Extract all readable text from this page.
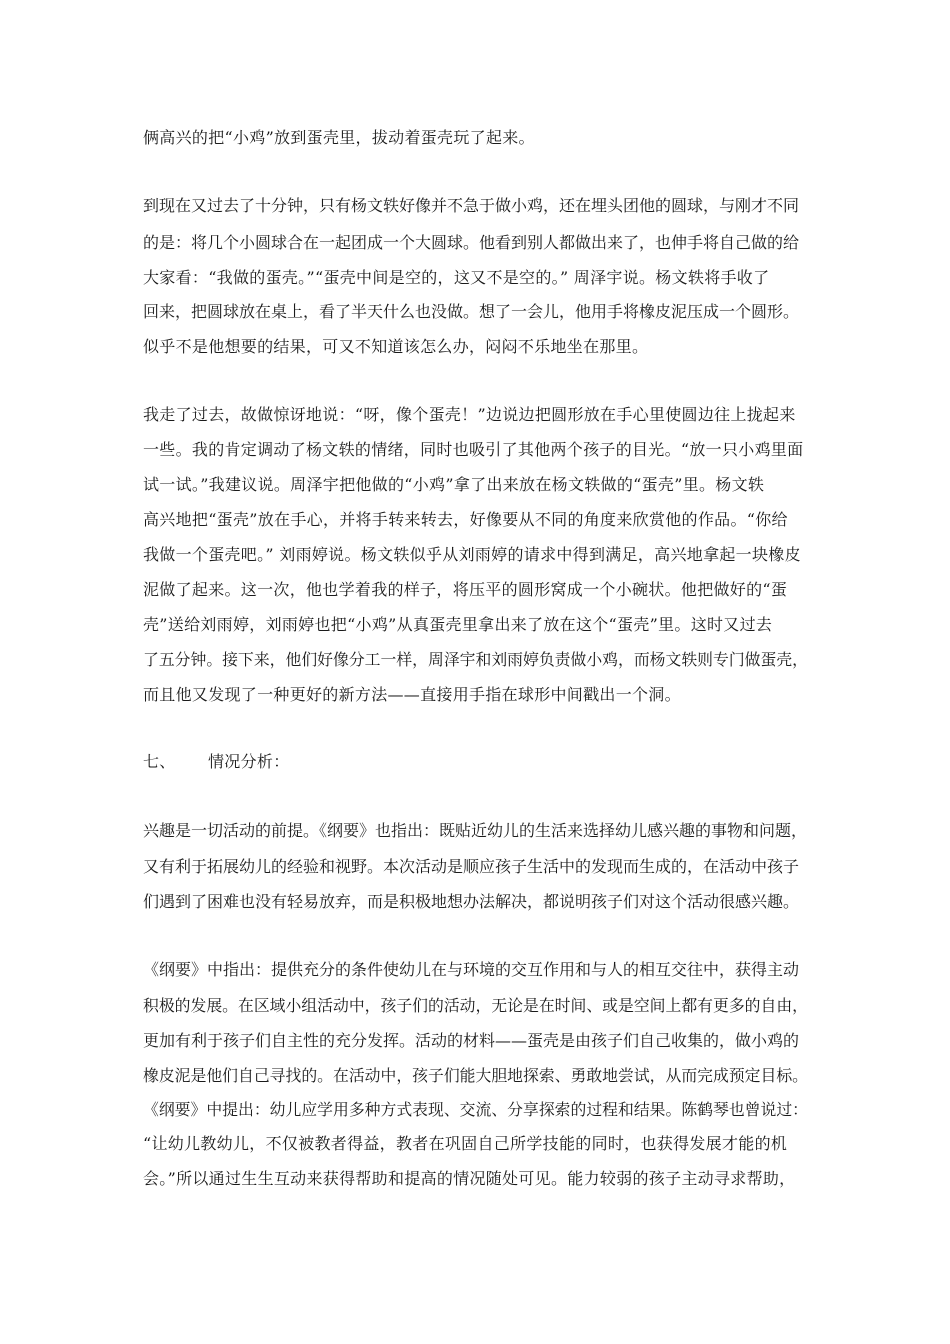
俩高兴的把“小鸡”放到蛋壳里，拔动着蛋壳玩了起来。
到现在又过去了十分钟，只有杨文轶好像并不急于做小鸡，还在埋头团他的圆球，与刚才不同
的是：将几个小圆球合在一起团成一个大圆球。他看到别人都做出来了，也伸手将自己做的给
大家看：“我做的蛋壳。”“蛋壳中间是空的，这又不是空的。” 周泽宇说。杨文轶将手收了
回来，把圆球放在桌上，看了半天什么也没做。想了一会儿，他用手将橡皮泥压成一个圆形。
似乎不是他想要的结果，可又不知道该怎么办，闷闷不乐地坐在那里。
我走了过去，故做惊讶地说：“呀，像个蛋壳！”边说边把圆形放在手心里使圆边往上拢起来
一些。我的肯定调动了杨文轶的情绪，同时也吸引了其他两个孩子的目光。“放一只小鸡里面
试一试。”我建议说。周泽宇把他做的“小鸡”拿了出来放在杨文轶做的“蛋壳”里。杨文轶
高兴地把“蛋壳”放在手心，并将手转来转去，好像要从不同的角度来欣赏他的作品。“你给
我做一个蛋壳吧。” 刘雨婷说。杨文轶似乎从刘雨婷的请求中得到满足，高兴地拿起一块橡皮
泥做了起来。这一次，他也学着我的样子，将压平的圆形窝成一个小碗状。他把做好的“蛋
壳”送给刘雨婷，刘雨婷也把“小鸡”从真蛋壳里拿出来了放在这个“蛋壳”里。这时又过去
了五分钟。接下来，他们好像分工一样，周泽宇和刘雨婷负责做小鸡，而杨文轶则专门做蛋壳，
而且他又发现了一种更好的新方法——直接用手指在球形中间戳出一个洞。
七、 情况分析：
兴趣是一切活动的前提。《纲要》也指出：既贴近幼儿的生活来选择幼儿感兴趣的事物和问题，
又有利于拓展幼儿的经验和视野。本次活动是顺应孩子生活中的发现而生成的，在活动中孩子
们遇到了困难也没有轻易放弃，而是积极地想办法解决，都说明孩子们对这个活动很感兴趣。
《纲要》中指出：提供充分的条件使幼儿在与环境的交互作用和与人的相互交往中，获得主动
积极的发展。在区域小组活动中，孩子们的活动，无论是在时间、或是空间上都有更多的自由，
更加有利于孩子们自主性的充分发挥。活动的材料——蛋壳是由孩子们自己收集的，做小鸡的
橡皮泥是他们自己寻找的。在活动中，孩子们能大胆地探索、勇敢地尝试，从而完成预定目标。
《纲要》中提出：幼儿应学用多种方式表现、交流、分享探索的过程和结果。陈鹤琴也曾说过：
“让幼儿教幼儿，不仅被教者得益，教者在巩固自己所学技能的同时，也获得发展才能的机
会。”所以通过生生互动来获得帮助和提高的情况随处可见。能力较弱的孩子主动寻求帮助，
